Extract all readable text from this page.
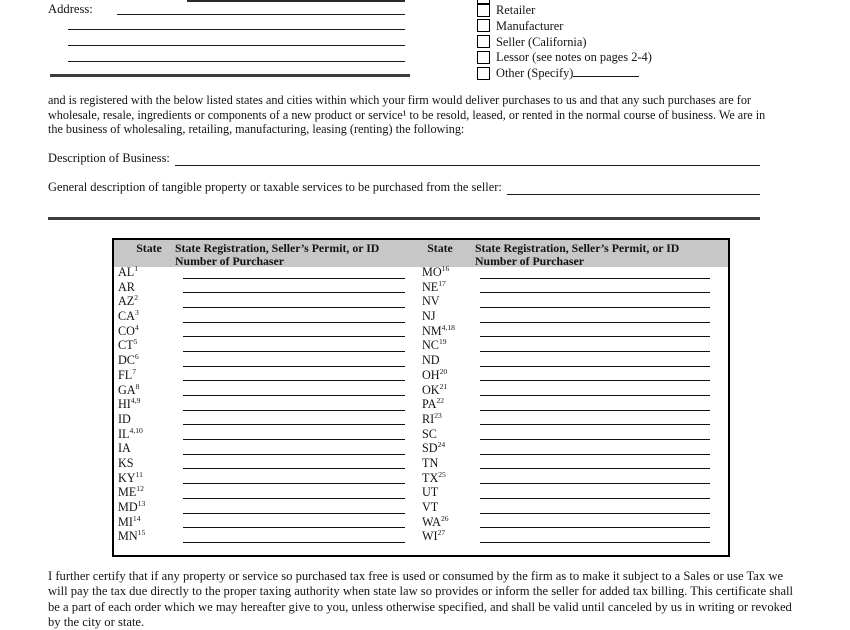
Address:	Retailer
Manufacturer
Seller (California)
Lessor (see notes on pages 2-4)
Other (Specify)
and is registered with the below listed states and cities within which your firm would deliver purchases to us and that any such purchases are for
wholesale, resale, ingredients or components of a new product or service¹ to be resold, leased, or rented in the normal course of business. We are in
the business of wholesaling, retailing, manufacturing, leasing (renting) the following:
Description of Business:
General description of tangible property or taxable services to be purchased from the seller:
State	State Registration, Seller’s Permit, or ID
Number of Purchaser
State	State Registration, Seller’s Permit, or ID
Number of Purchaser
$AL^1$	MO$^{16}$
AR	NE$^{17}$
$AZ^2$	NV
$CA^3$	NJ
$CO^4$	NM$^{4,18}$
$CT^5$	NC$^{19}$
$DC^6$	ND
$FL^7$	OH$^{20}$
$GA^8$	OK$^{21}$
HI$^{4,9}$	PA$^{22}$
ID	RI$^{23}$
IL$^{4,10}$	SC
IA	SD$^{24}$
KS	TN
KY$^{11}$	TX$^{25}$
ME$^{12}$	UT
MD$^{13}$	VT
MI$^{14}$	WA$^{26}$
MN$^{15}$	WI$^{27}$
I further certify that if any property or service so purchased tax free is used or consumed by the firm as to make it subject to a Sales or use Tax we
will pay the tax due directly to the proper taxing authority when state law so provides or inform the seller for added tax billing. This certificate shall
be a part of each order which we may hereafter give to you, unless otherwise specified, and shall be valid until canceled by us in writing or revoked
by the city or state.
